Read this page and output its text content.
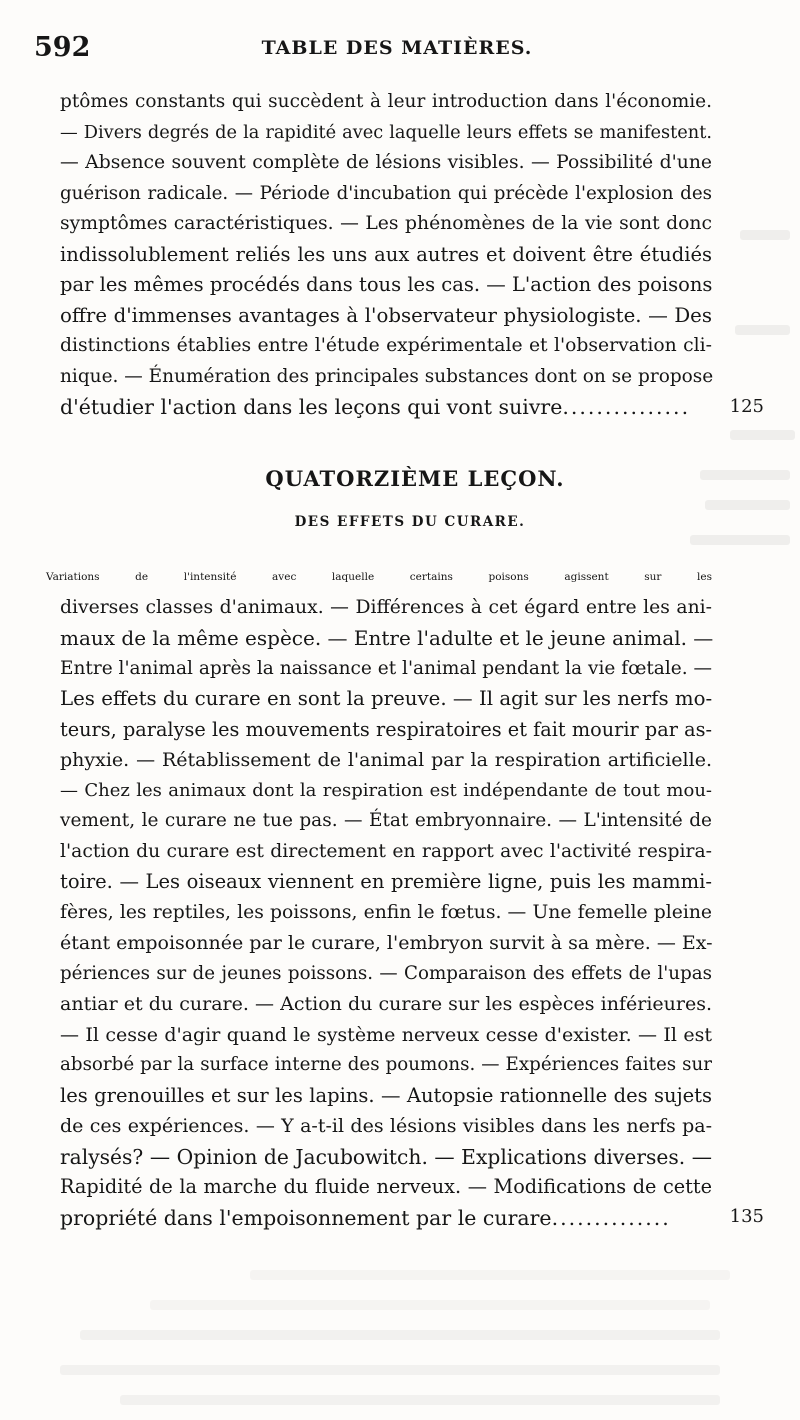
592	TABLE DES MATIÈRES.
ptômes constants qui succèdent à leur introduction dans l'économie.
— Divers degrés de la rapidité avec laquelle leurs effets se manifestent.
— Absence souvent complète de lésions visibles. — Possibilité d'une
guérison radicale. — Période d'incubation qui précède l'explosion des
symptômes caractéristiques. — Les phénomènes de la vie sont donc
indissolublement reliés les uns aux autres et doivent être étudiés
par les mêmes procédés dans tous les cas. — L'action des poisons
offre d'immenses avantages à l'observateur physiologiste. — Des
distinctions établies entre l'étude expérimentale et l'observation cli-
nique. — Énumération des principales substances dont on se propose
d'étudier l'action dans les leçons qui vont suivre...............	125
QUATORZIÈME LEÇON.
DES EFFETS DU CURARE.
Variations de l'intensité avec laquelle certains poisons agissent sur les
diverses classes d'animaux. — Différences à cet égard entre les ani-
maux de la même espèce. — Entre l'adulte et le jeune animal. —
Entre l'animal après la naissance et l'animal pendant la vie fœtale. —
Les effets du curare en sont la preuve. — Il agit sur les nerfs mo-
teurs, paralyse les mouvements respiratoires et fait mourir par as-
phyxie. — Rétablissement de l'animal par la respiration artificielle.
— Chez les animaux dont la respiration est indépendante de tout mou-
vement, le curare ne tue pas. — État embryonnaire. — L'intensité de
l'action du curare est directement en rapport avec l'activité respira-
toire. — Les oiseaux viennent en première ligne, puis les mammi-
fères, les reptiles, les poissons, enfin le fœtus. — Une femelle pleine
étant empoisonnée par le curare, l'embryon survit à sa mère. — Ex-
périences sur de jeunes poissons. — Comparaison des effets de l'upas
antiar et du curare. — Action du curare sur les espèces inférieures.
— Il cesse d'agir quand le système nerveux cesse d'exister. — Il est
absorbé par la surface interne des poumons. — Expériences faites sur
les grenouilles et sur les lapins. — Autopsie rationnelle des sujets
de ces expériences. — Y a-t-il des lésions visibles dans les nerfs pa-
ralysés? — Opinion de Jacubowitch. — Explications diverses. —
Rapidité de la marche du fluide nerveux. — Modifications de cette
propriété dans l'empoisonnement par le curare..............	135
